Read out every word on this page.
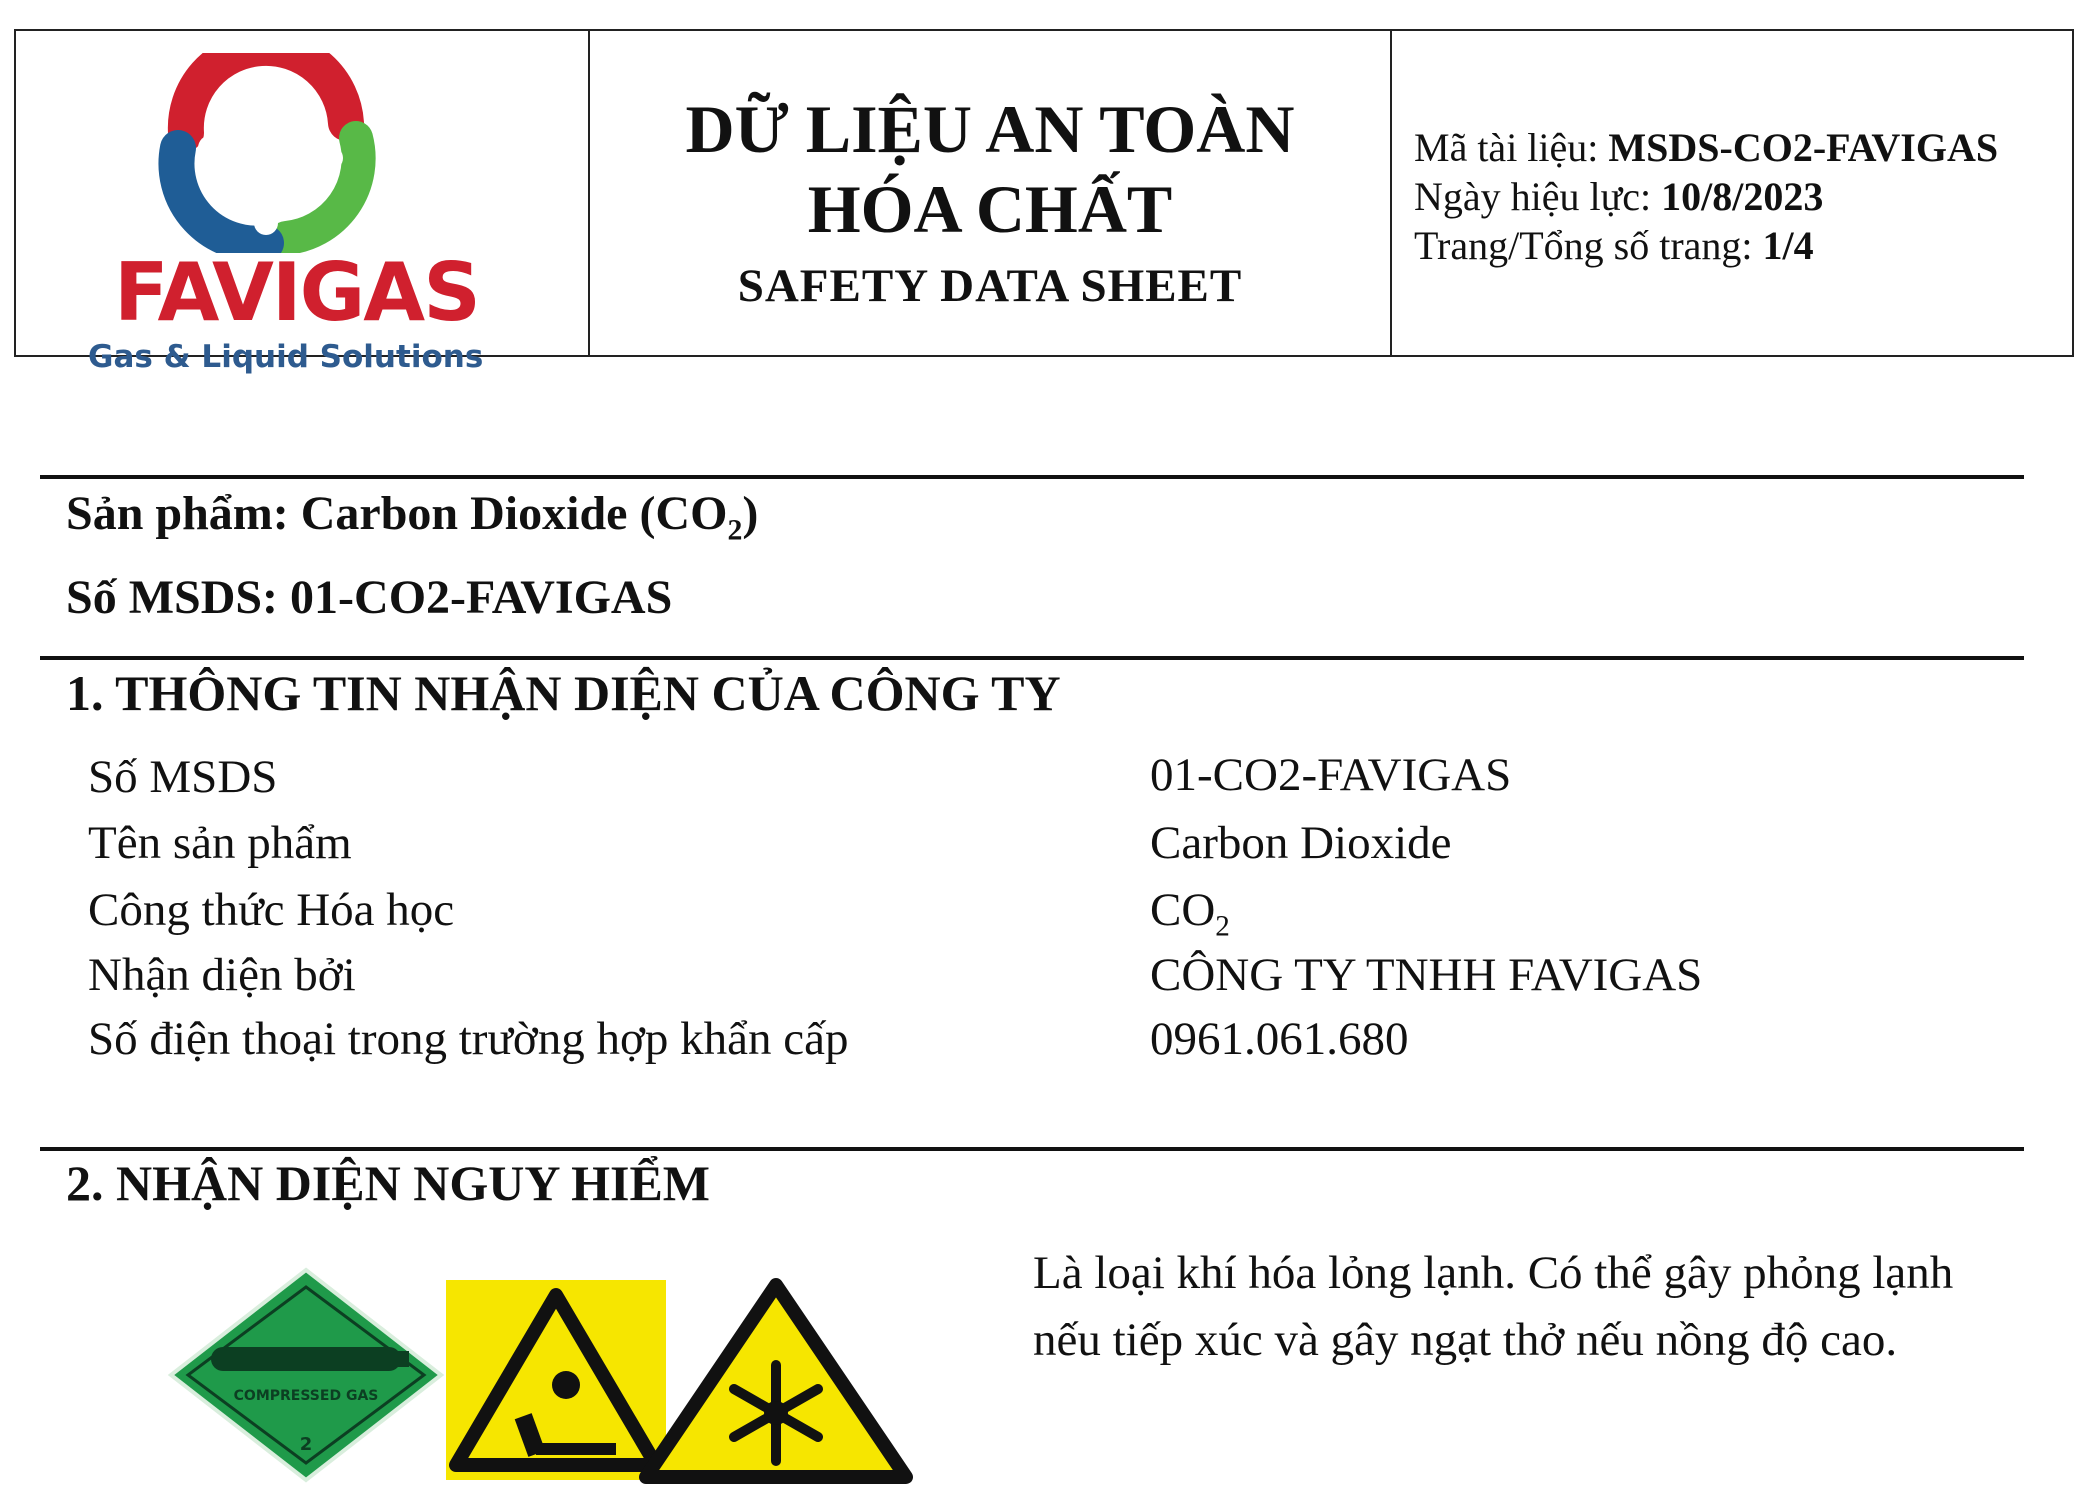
FAVIGAS
Gas & Liquid Solutions
DỮ LIỆU AN TOÀN
HÓA CHẤT
SAFETY DATA SHEET
Mã tài liệu: MSDS-CO2-FAVIGAS
Ngày hiệu lực: 10/8/2023
Trang/Tổng số trang: 1/4
Sản phẩm: Carbon Dioxide $(CO_2)$
Số MSDS: 01-CO2-FAVIGAS
1. THÔNG TIN NHẬN DIỆN CỦA CÔNG TY
Số MSDS	01-CO2-FAVIGAS
Tên sản phẩm	Carbon Dioxide
Công thức Hóa học	$CO_2$
Nhận diện bởi	CÔNG TY TNHH FAVIGAS
Số điện thoại trong trường hợp khẩn cấp	0961.061.680
2. NHẬN DIỆN NGUY HIỂM
COMPRESSED GAS
2
Là loại khí hóa lỏng lạnh. Có thể gây phỏng lạnh nếu tiếp xúc và gây ngạt thở nếu nồng độ cao.
